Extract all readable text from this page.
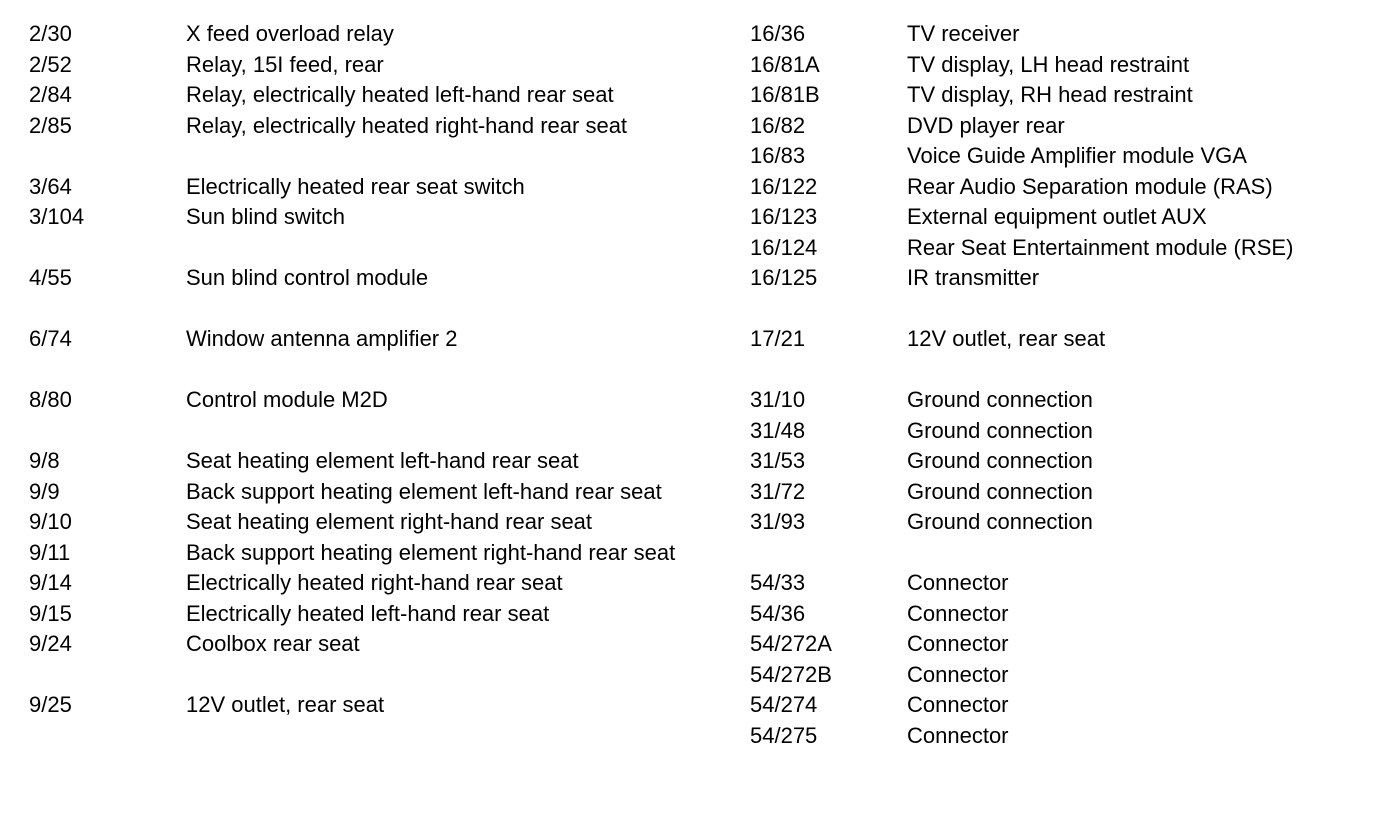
2/30	X feed overload relay
2/52	Relay, 15I feed, rear
2/84	Relay, electrically heated left-hand rear seat
2/85	Relay, electrically heated right-hand rear seat
3/64	Electrically heated rear seat switch
3/104	Sun blind switch
4/55	Sun blind control module
6/74	Window antenna amplifier 2
8/80	Control module M2D
9/8	Seat heating element left-hand rear seat
9/9	Back support heating element left-hand rear seat
9/10	Seat heating element right-hand rear seat
9/11	Back support heating element right-hand rear seat
9/14	Electrically heated right-hand rear seat
9/15	Electrically heated left-hand rear seat
9/24	Coolbox rear seat
9/25	12V outlet, rear seat
16/36	TV receiver
16/81A	TV display, LH head restraint
16/81B	TV display, RH head restraint
16/82	DVD player rear
16/83	Voice Guide Amplifier module VGA
16/122	Rear Audio Separation module (RAS)
16/123	External equipment outlet AUX
16/124	Rear Seat Entertainment module (RSE)
16/125	IR transmitter
17/21	12V outlet, rear seat
31/10	Ground connection
31/48	Ground connection
31/53	Ground connection
31/72	Ground connection
31/93	Ground connection
54/33	Connector
54/36	Connector
54/272A	Connector
54/272B	Connector
54/274	Connector
54/275	Connector
